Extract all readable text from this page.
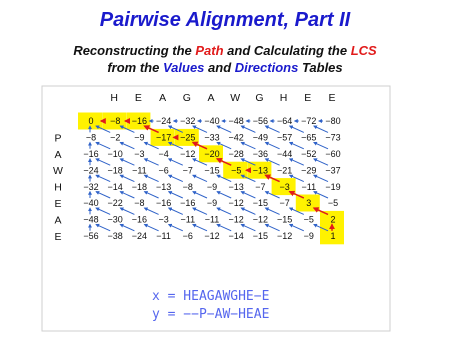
Pairwise Alignment, Part II
Reconstructing the Path and Calculating the LCS
from the Values and Directions Tables
H E A G A W G H E E
P
A
W
H
E
A
E
0 −8 −16 −24 −32 −40 −48 −56 −64 −72 −80
−8 −2 −9 −17 −25 −33 −42 −49 −57 −65 −73
−16 −10 −3 −4 −12 −20 −28 −36 −44 −52 −60
−24 −18 −11 −6 −7 −15 −5 −13 −21 −29 −37
−32 −14 −18 −13 −8 −9 −13 −7 −3 −11 −19
−40 −22 −8 −16 −16 −9 −12 −15 −7 3 −5
−48 −30 −16 −3 −11 −11 −12 −12 −15 −5 2
−56 −38 −24 −11 −6 −12 −14 −15 −12 −9 1
x = HEAGAWGHE−E
y = −−P−AW−HEAE
